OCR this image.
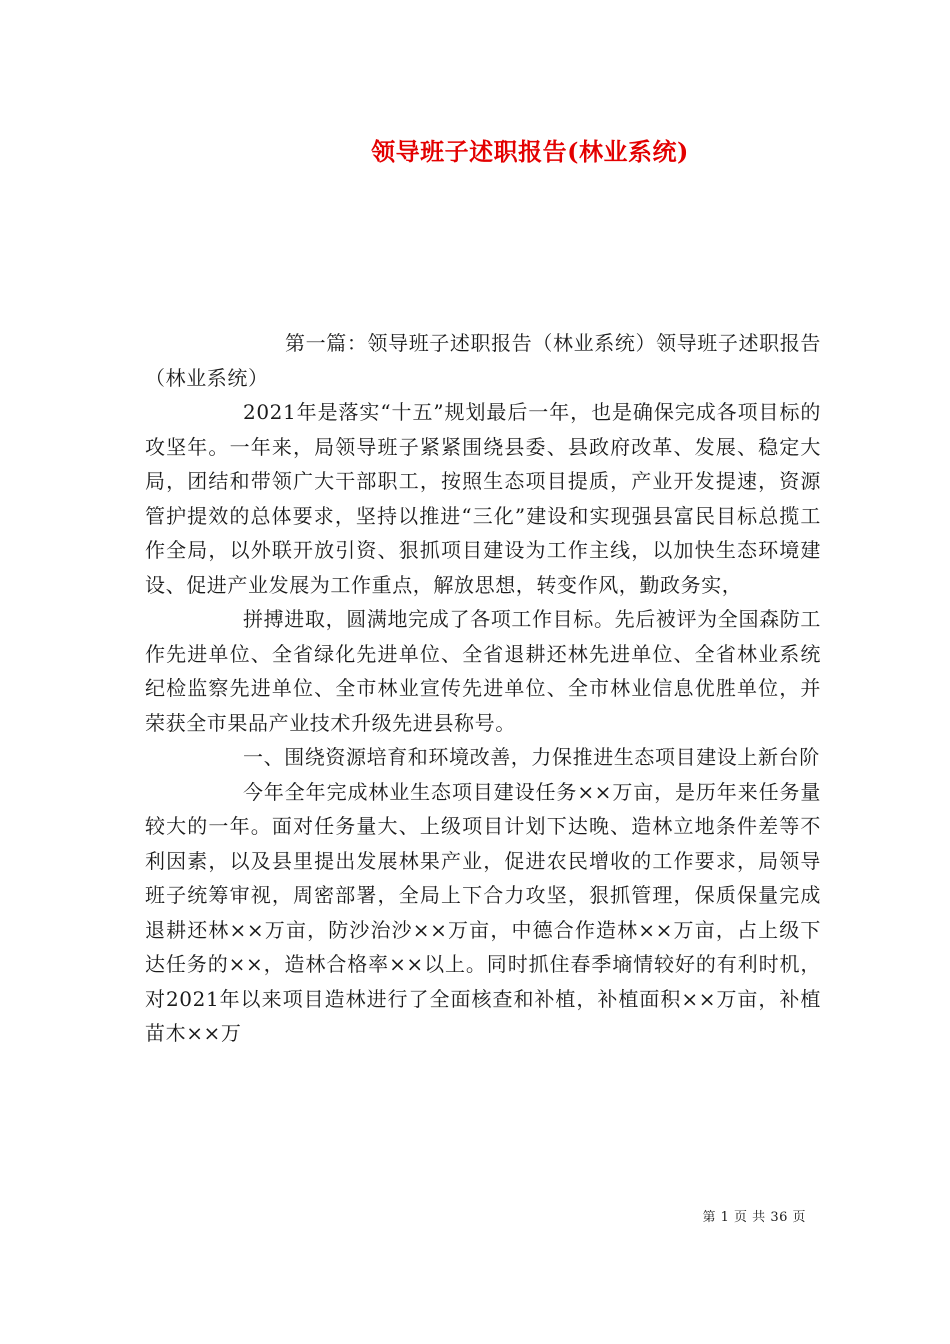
领导班子述职报告(林业系统)

第一篇：领导班子述职报告（林业系统）领导班子述职报告（林业系统）

2021年是落实“十五”规划最后一年，也是确保完成各项目标的攻坚年。一年来，局领导班子紧紧围绕县委、县政府改革、发展、稳定大局，团结和带领广大干部职工，按照生态项目提质，产业开发提速，资源管护提效的总体要求，坚持以推进“三化”建设和实现强县富民目标总揽工作全局，以外联开放引资、狠抓项目建设为工作主线，以加快生态环境建设、促进产业发展为工作重点，解放思想，转变作风，勤政务实，

拼搏进取，圆满地完成了各项工作目标。先后被评为全国森防工作先进单位、全省绿化先进单位、全省退耕还林先进单位、全省林业系统纪检监察先进单位、全市林业宣传先进单位、全市林业信息优胜单位，并荣获全市果品产业技术升级先进县称号。

一、围绕资源培育和环境改善，力保推进生态项目建设上新台阶

今年全年完成林业生态项目建设任务××万亩，是历年来任务量较大的一年。面对任务量大、上级项目计划下达晚、造林立地条件差等不利因素，以及县里提出发展林果产业，促进农民增收的工作要求，局领导班子统筹审视，周密部署，全局上下合力攻坚，狠抓管理，保质保量完成退耕还林××万亩，防沙治沙××万亩，中德合作造林××万亩，占上级下达任务的××，造林合格率××以上。同时抓住春季墒情较好的有利时机，对2021年以来项目造林进行了全面核查和补植，补植面积××万亩，补植苗木××万

第 1 页 共 36 页
